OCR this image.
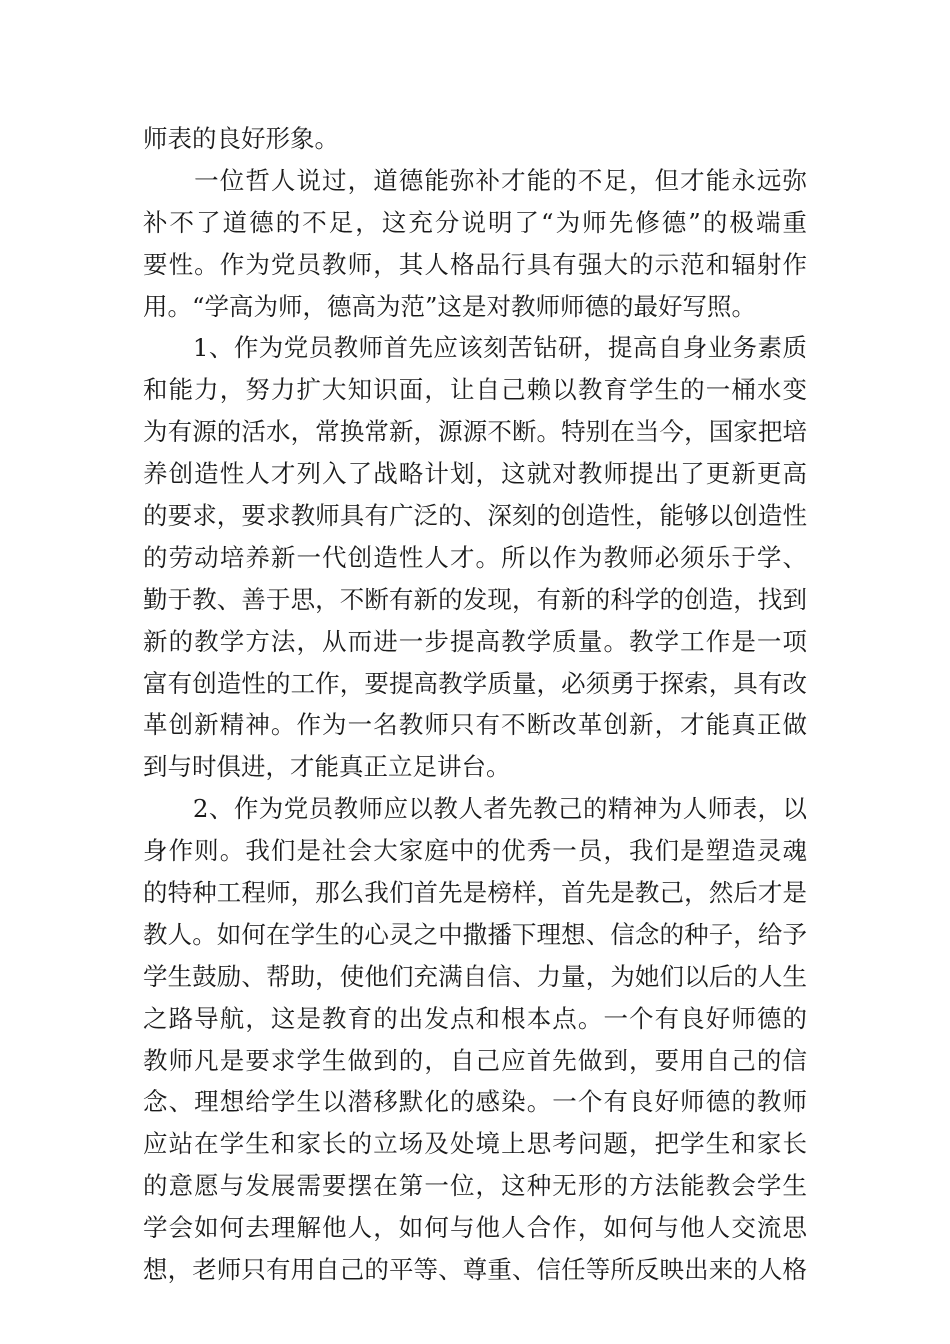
师表的良好形象。
　　一位哲人说过，道德能弥补才能的不足，但才能永远弥
补不了道德的不足，这充分说明了“为师先修德”的极端重
要性。作为党员教师，其人格品行具有强大的示范和辐射作
用。“学高为师，德高为范”这是对教师师德的最好写照。
　　1、作为党员教师首先应该刻苦钻研，提高自身业务素质
和能力，努力扩大知识面，让自己赖以教育学生的一桶水变
为有源的活水，常换常新，源源不断。特别在当今，国家把培
养创造性人才列入了战略计划，这就对教师提出了更新更高
的要求，要求教师具有广泛的、深刻的创造性，能够以创造性
的劳动培养新一代创造性人才。所以作为教师必须乐于学、
勤于教、善于思，不断有新的发现，有新的科学的创造，找到
新的教学方法，从而进一步提高教学质量。教学工作是一项
富有创造性的工作，要提高教学质量，必须勇于探索，具有改
革创新精神。作为一名教师只有不断改革创新，才能真正做
到与时俱进，才能真正立足讲台。
　　2、作为党员教师应以教人者先教己的精神为人师表，以
身作则。我们是社会大家庭中的优秀一员，我们是塑造灵魂
的特种工程师，那么我们首先是榜样，首先是教己，然后才是
教人。如何在学生的心灵之中撒播下理想、信念的种子，给予
学生鼓励、帮助，使他们充满自信、力量，为她们以后的人生
之路导航，这是教育的出发点和根本点。一个有良好师德的
教师凡是要求学生做到的，自己应首先做到，要用自己的信
念、理想给学生以潜移默化的感染。一个有良好师德的教师
应站在学生和家长的立场及处境上思考问题，把学生和家长
的意愿与发展需要摆在第一位，这种无形的方法能教会学生
学会如何去理解他人，如何与他人合作，如何与他人交流思
想，老师只有用自己的平等、尊重、信任等所反映出来的人格
